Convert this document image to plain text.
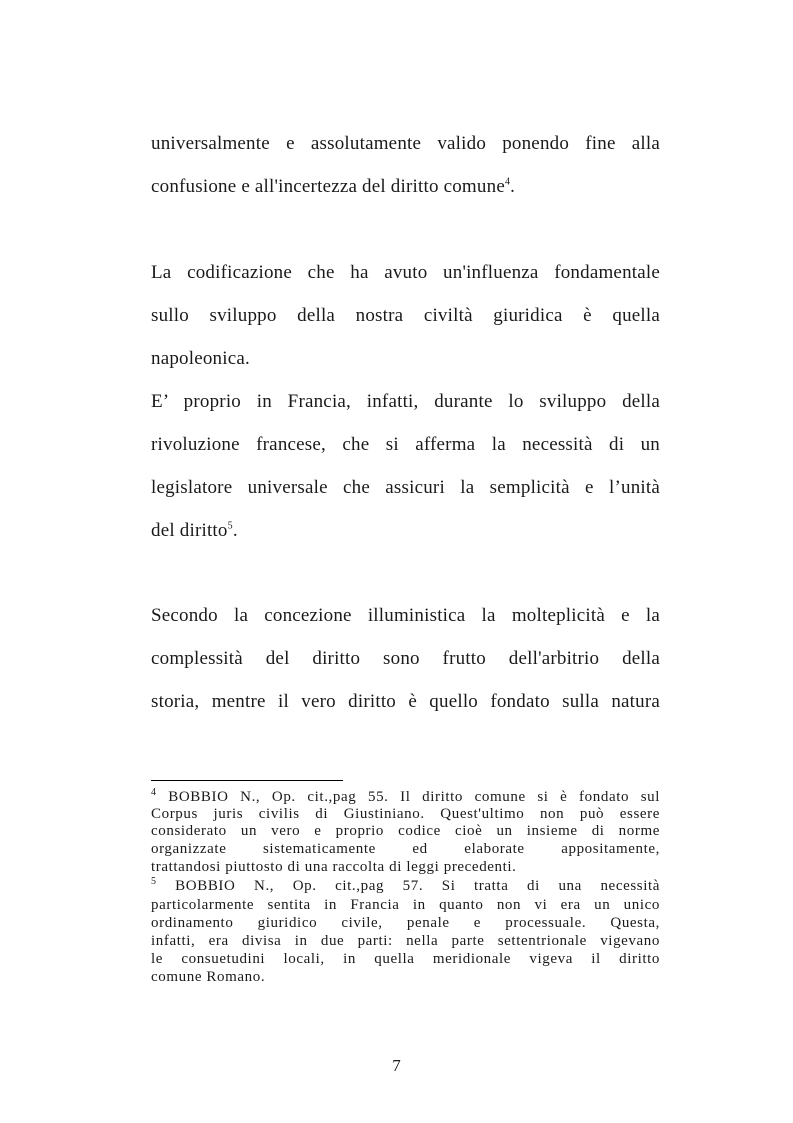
universalmente e assolutamente valido ponendo fine alla
confusione e all'incertezza del diritto comune$^4$.
La codificazione che ha avuto un'influenza fondamentale
sullo sviluppo della nostra civiltà giuridica è quella
napoleonica.
E’ proprio in Francia, infatti, durante lo sviluppo della
rivoluzione francese, che si afferma la necessità di un
legislatore universale che assicuri la semplicità e l’unità
del diritto$^5$.
Secondo la concezione illuministica la molteplicità e la
complessità del diritto sono frutto dell'arbitrio della
storia, mentre il vero diritto è quello fondato sulla natura
$^4$ BOBBIO N., Op. cit.,pag 55. Il diritto comune si è fondato sul
Corpus juris civilis di Giustiniano. Quest'ultimo non può essere
considerato un vero e proprio codice cioè un insieme di norme
organizzate sistematicamente ed elaborate appositamente,
trattandosi piuttosto di una raccolta di leggi precedenti.
$^5$ BOBBIO N., Op. cit.,pag 57. Si tratta di una necessità
particolarmente sentita in Francia in quanto non vi era un unico
ordinamento giuridico civile, penale e processuale. Questa,
infatti, era divisa in due parti: nella parte settentrionale vigevano
le consuetudini locali, in quella meridionale vigeva il diritto
comune Romano.
7
